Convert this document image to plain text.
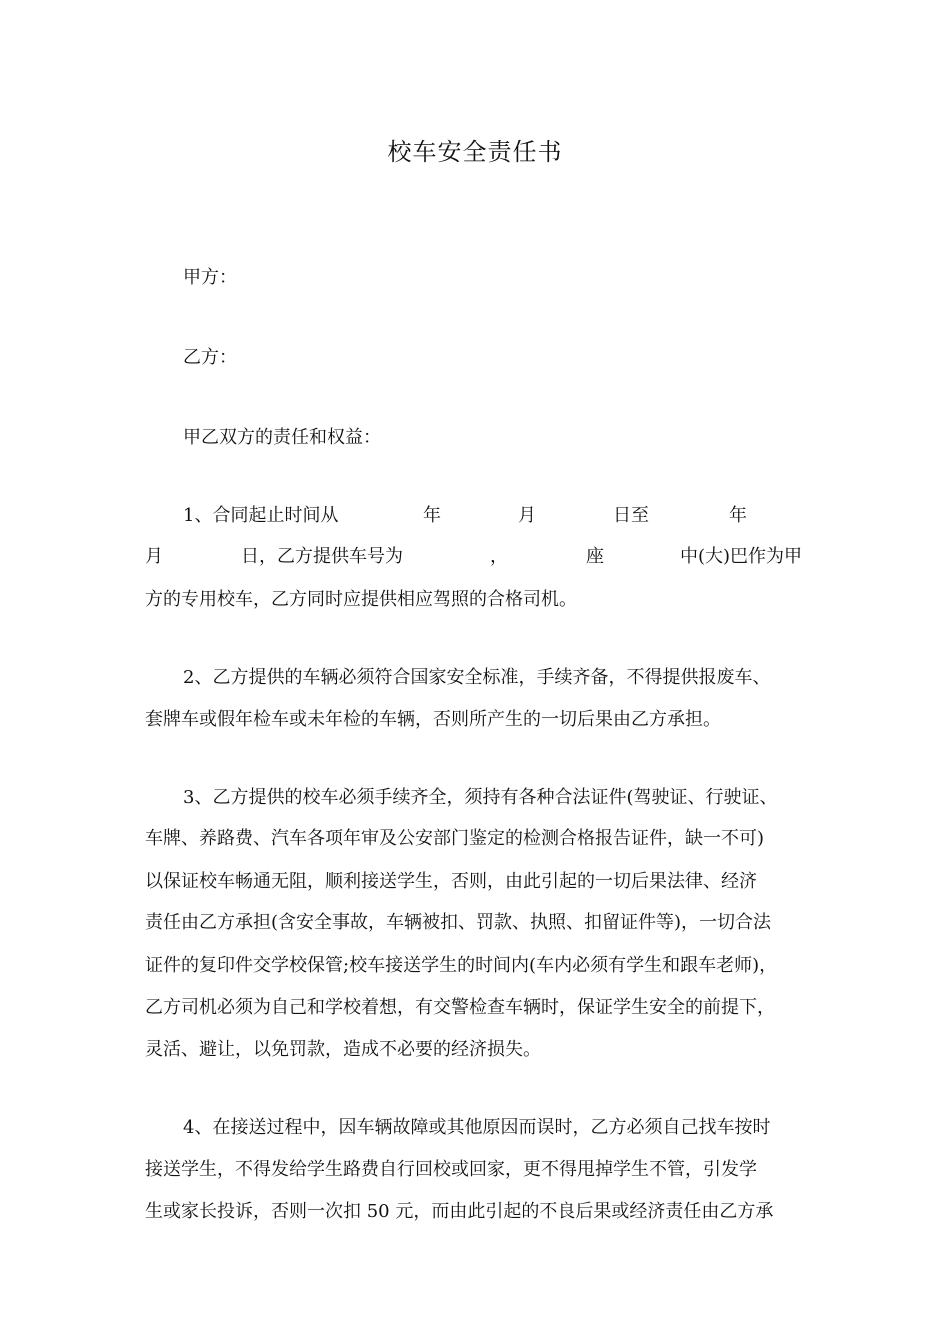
校车安全责任书
甲方：
乙方：
甲乙双方的责任和权益：
1、合同起止时间从	年	月	日至	年
月	日，乙方提供车号为	，	座	中(大)巴作为甲
方的专用校车，乙方同时应提供相应驾照的合格司机。
2、乙方提供的车辆必须符合国家安全标准，手续齐备，不得提供报废车、
套牌车或假年检车或未年检的车辆，否则所产生的一切后果由乙方承担。
3、乙方提供的校车必须手续齐全，须持有各种合法证件(驾驶证、行驶证、
车牌、养路费、汽车各项年审及公安部门鉴定的检测合格报告证件，缺一不可)
以保证校车畅通无阻，顺利接送学生，否则，由此引起的一切后果法律、经济
责任由乙方承担(含安全事故，车辆被扣、罚款、执照、扣留证件等)，一切合法
证件的复印件交学校保管;校车接送学生的时间内(车内必须有学生和跟车老师)，
乙方司机必须为自己和学校着想，有交警检查车辆时，保证学生安全的前提下，
灵活、避让，以免罚款，造成不必要的经济损失。
4、在接送过程中，因车辆故障或其他原因而误时，乙方必须自己找车按时
接送学生，不得发给学生路费自行回校或回家，更不得甩掉学生不管，引发学
生或家长投诉，否则一次扣 50 元，而由此引起的不良后果或经济责任由乙方承
